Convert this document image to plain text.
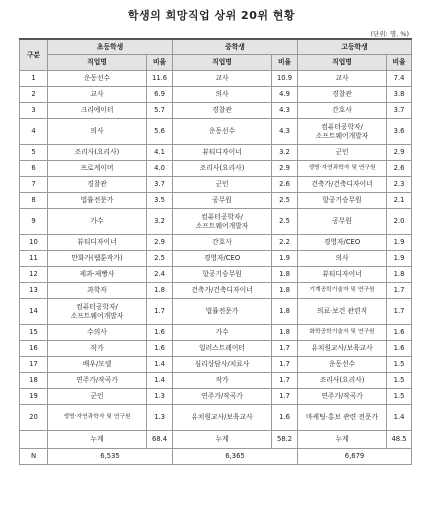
학생의 희망직업 상위 20위 현황
(단위: 명, %)
구분	초등학생		중학생		고등학생	
	직업명	비율	직업명	비율	직업명	비율
1	운동선수	11.6	교사	10.9	교사	7.4
2	교사	6.9	의사	4.9	경찰관	3.8
3	크리에이터	5.7	경찰관	4.3	간호사	3.7
4	의사	5.6	운동선수	4.3	컴퓨터공학자/ 소프트웨어개발자	3.6
5	조리사(요리사)	4.1	뷰티디자이너	3.2	군인	2.9
6	프로게이머	4.0	조리사(요리사)	2.9	생명·자연과학자 및 연구원	2.6
7	경찰관	3.7	군인	2.6	건축가/건축디자이너	2.3
8	법률전문가	3.5	공무원	2.5	항공기승무원	2.1
9	가수	3.2	컴퓨터공학자/ 소프트웨어개발자	2.5	공무원	2.0
10	뷰티디자이너	2.9	간호사	2.2	경영자/CEO	1.9
11	만화가(웹툰작가)	2.5	경영자/CEO	1.9	의사	1.9
12	제과·제빵사	2.4	항공기승무원	1.8	뷰티디자이너	1.8
13	과학자	1.8	건축가/건축디자이너	1.8	기계공학기술자 및 연구원	1.7
14	컴퓨터공학자/ 소프트웨어개발자	1.7	법률전문가	1.8	의료·보건 관련직	1.7
15	수의사	1.6	가수	1.8	화학공학기술자 및 연구원	1.6
16	작가	1.6	일러스트레이터	1.7	유치원교사/보육교사	1.6
17	배우/모델	1.4	심리상담사/치료사	1.7	운동선수	1.5
18	연주가/작곡가	1.4	작가	1.7	조리사(요리사)	1.5
19	군인	1.3	연주가/작곡가	1.7	연주가/작곡가	1.5
20	생명·자연과학자 및 연구원	1.3	유치원교사/보육교사	1.6	마케팅·홍보 관련 전문가	1.4
	누계	68.4	누계	58.2	누계	48.5
N	6,535		6,365		6,679	
